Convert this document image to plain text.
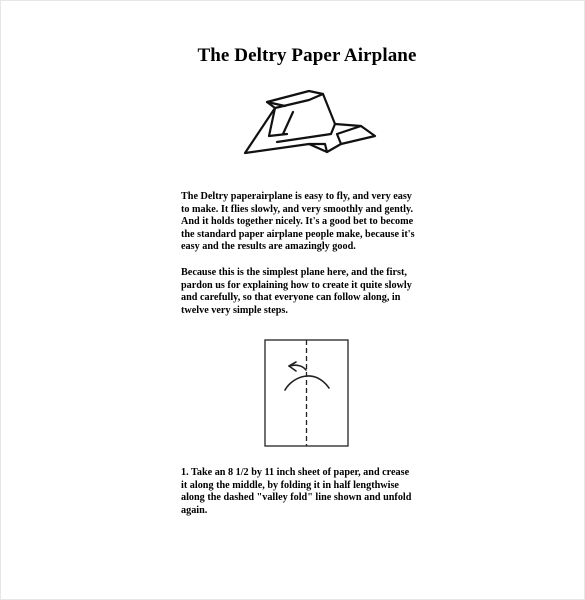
The Deltry Paper Airplane

The Deltry paperairplane is easy to fly, and very easy

to make. It flies slowly, and very smoothly and gently.

And it holds together nicely. It's a good bet to become

the standard paper airplane people make, because it's

easy and the results are amazingly good.

Because this is the simplest plane here, and the first,

pardon us for explaining how to create it quite slowly

and carefully, so that everyone can follow along, in

twelve very simple steps.

1. Take an 8 1/2 by 11 inch sheet of paper, and crease

it along the middle, by folding it in half lengthwise

along the dashed "valley fold" line shown and unfold

again.
